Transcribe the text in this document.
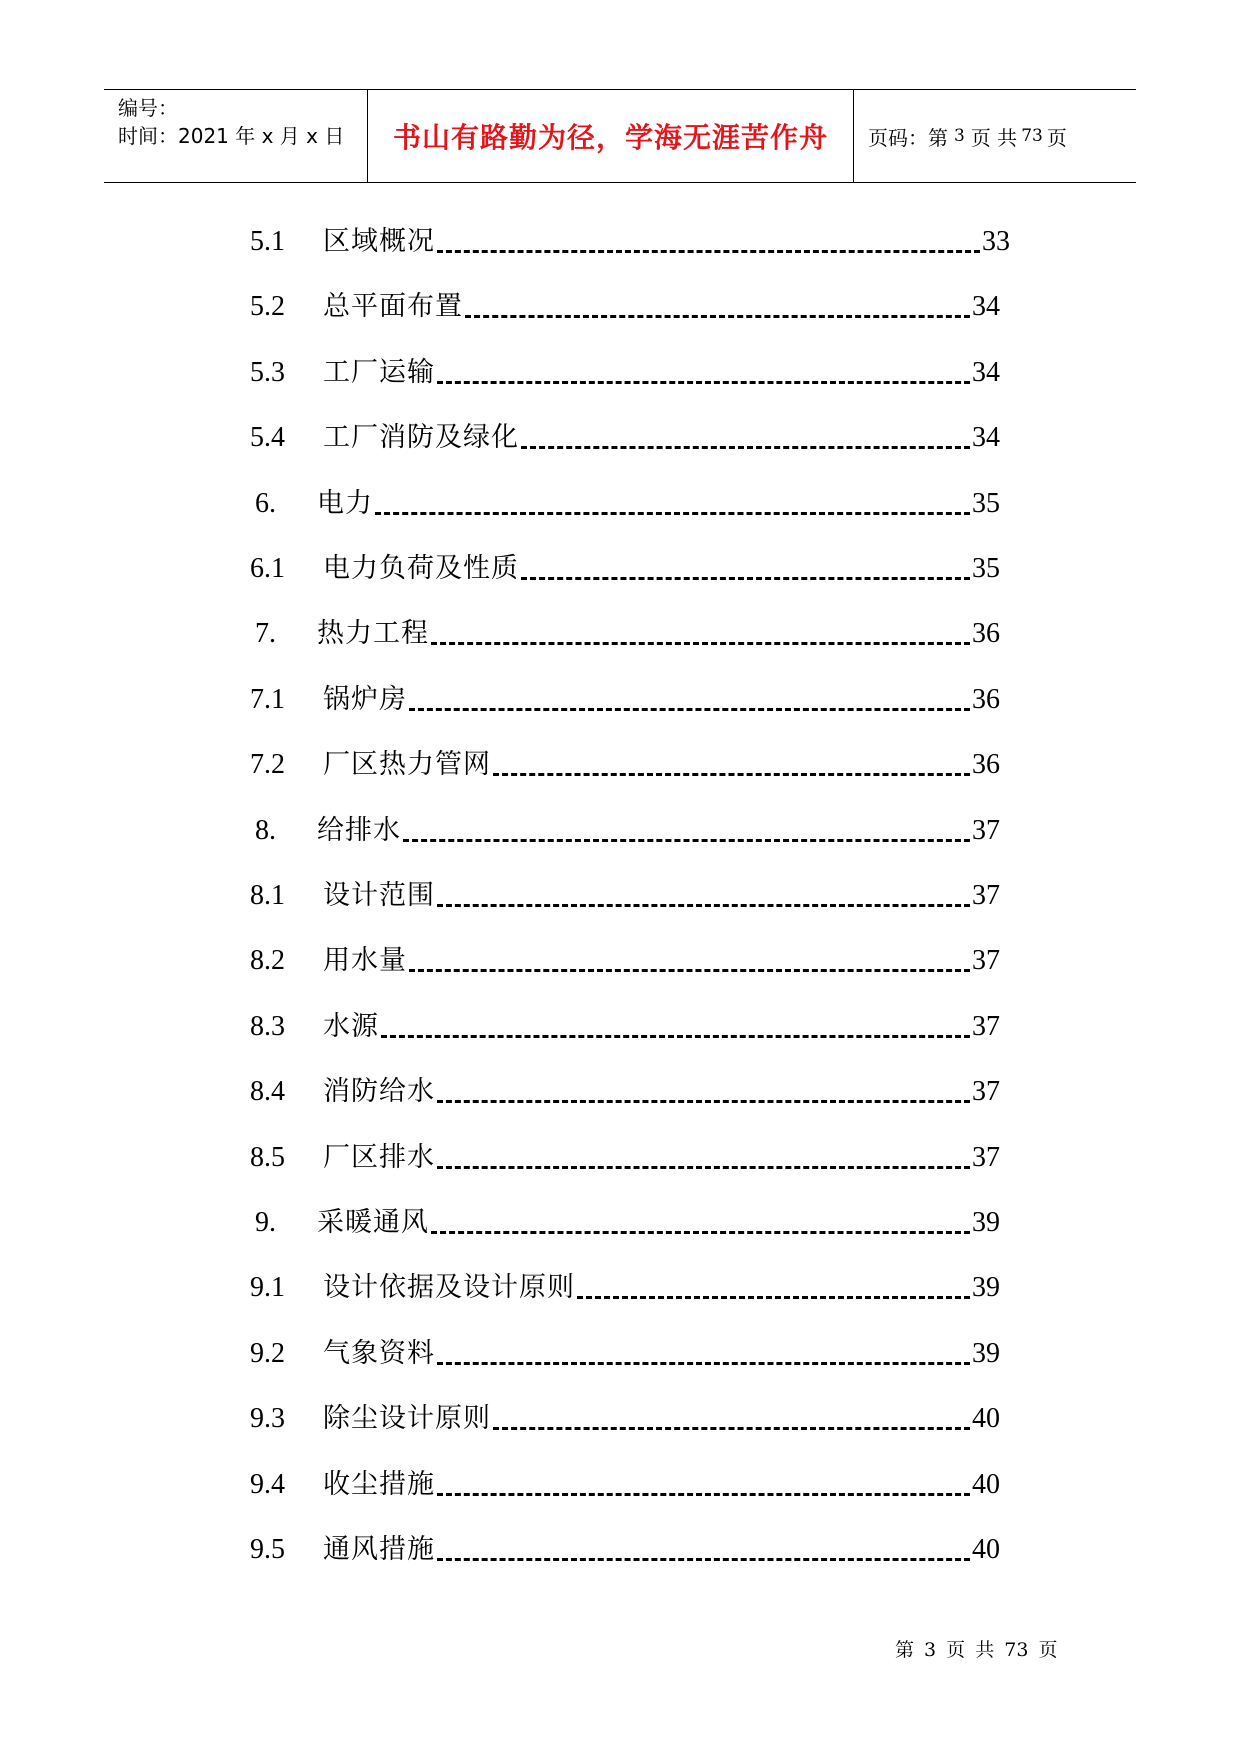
编号：
时间：2021 年 x 月 x 日	书山有路勤为径，学海无涯苦作舟 页码：第 3 页 共 73 页
5.1 区域概况	33
5.2 总平面布置	34
5.3 工厂运输	34
5.4 工厂消防及绿化	34
6. 电力	35
6.1 电力负荷及性质	35
7. 热力工程	36
7.1 锅炉房	36
7.2 厂区热力管网	36
8. 给排水	37
8.1 设计范围	37
8.2 用水量	37
8.3 水源	37
8.4 消防给水	37
8.5 厂区排水	37
9. 采暖通风	39
9.1 设计依据及设计原则	39
9.2 气象资料	39
9.3 除尘设计原则	40
9.4 收尘措施	40
9.5 通风措施	40
第 3 页 共 73 页
